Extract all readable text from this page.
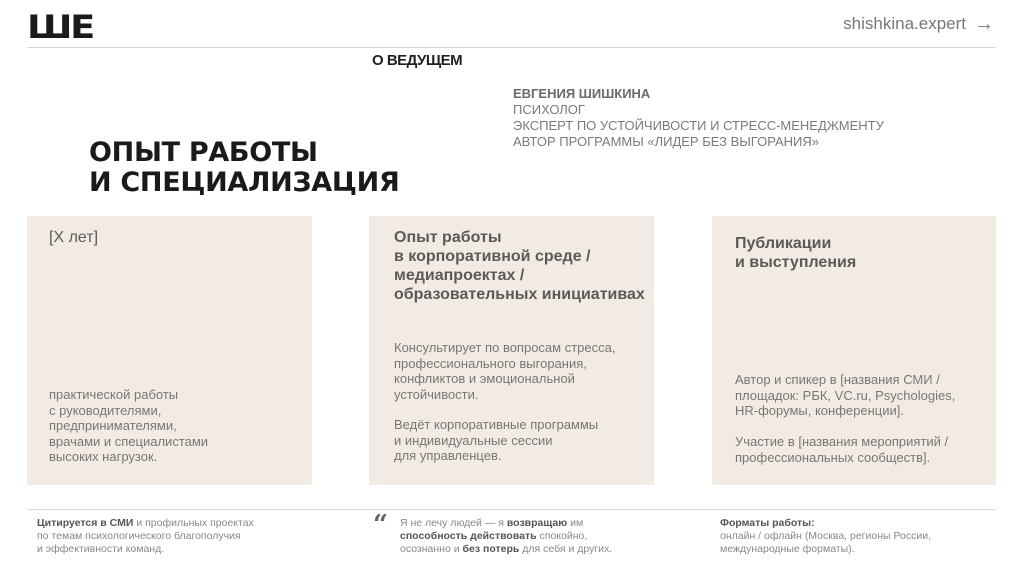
ШЕ	shishkina.expert →
О ВЕДУЩЕМ
ЕВГЕНИЯ ШИШКИНА
ПСИХОЛОГ
ЭКСПЕРТ ПО УСТОЙЧИВОСТИ И СТРЕСС-МЕНЕДЖМЕНТУ
АВТОР ПРОГРАММЫ «ЛИДЕР БЕЗ ВЫГОРАНИЯ»
ОПЫТ РАБОТЫ
И СПЕЦИАЛИЗАЦИЯ
[Х лет]
практической работы
с руководителями,
предпринимателями,
врачами и специалистами
высоких нагрузок.
Опыт работы
в корпоративной среде /
медиапроектах /
образовательных инициативах
Консультирует по вопросам стресса,
профессионального выгорания,
конфликтов и эмоциональной
устойчивости.
Ведёт корпоративные программы
и индивидуальные сессии
для управленцев.
Публикации
и выступления
Автор и спикер в [названия СМИ /
площадок: РБК, VC.ru, Psychologies,
HR-форумы, конференции].
Участие в [названия мероприятий /
профессиональных сообществ].
Цитируется в СМИ и профильных проектах
по темам психологического благополучия
и эффективности команд.
“ Я не лечу людей — я возвращаю им
способность действовать спокойно,
осознанно и без потерь для себя и других.
Форматы работы:
онлайн / офлайн (Москва, регионы России,
международные форматы).
